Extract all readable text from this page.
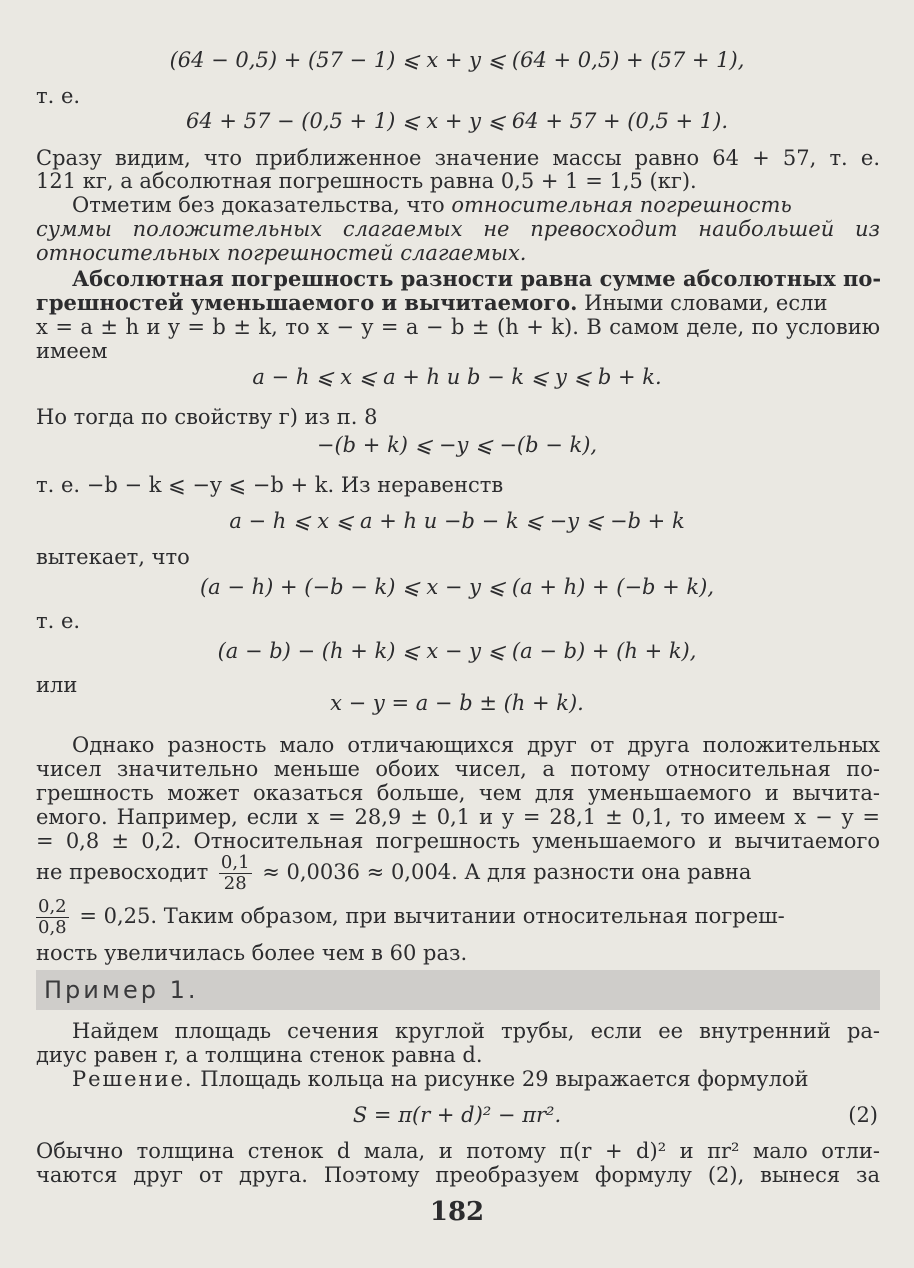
(64 − 0,5) + (57 − 1) ⩽ x + y ⩽ (64 + 0,5) + (57 + 1),
т. е.
64 + 57 − (0,5 + 1) ⩽ x + y ⩽ 64 + 57 + (0,5 + 1).
Сразу видим, что приближенное значение массы равно 64 + 57, т. е.
121 кг, а абсолютная погрешность равна 0,5 + 1 = 1,5 (кг).
Отметим без доказательства, что относительная погрешность
суммы положительных слагаемых не превосходит наибольшей из
относительных погрешностей слагаемых.
Абсолютная погрешность разности равна сумме абсолютных по-
грешностей уменьшаемого и вычитаемого. Иными словами, если
x = a ± h и y = b ± k, то x − y = a − b ± (h + k). В самом деле, по условию
имеем
a − h ⩽ x ⩽ a + h и b − k ⩽ y ⩽ b + k.
Но тогда по свойству г) из п. 8
−(b + k) ⩽ −y ⩽ −(b − k),
т. е. −b − k ⩽ −y ⩽ −b + k. Из неравенств
a − h ⩽ x ⩽ a + h и −b − k ⩽ −y ⩽ −b + k
вытекает, что
(a − h) + (−b − k) ⩽ x − y ⩽ (a + h) + (−b + k),
т. е.
(a − b) − (h + k) ⩽ x − y ⩽ (a − b) + (h + k),
или
x − y = a − b ± (h + k).
Однако разность мало отличающихся друг от друга положительных
чисел значительно меньше обоих чисел, а потому относительная по-
грешность может оказаться больше, чем для уменьшаемого и вычита-
емого. Например, если x = 28,9 ± 0,1 и y = 28,1 ± 0,1, то имеем x − y =
= 0,8 ± 0,2. Относительная погрешность уменьшаемого и вычитаемого
не превосходит $\frac{0,1}{28} \approx 0,0036 \approx 0,004$. А для разности она равна
$\frac{0,2}{0,8} = 0,25$. Таким образом, при вычитании относительная погреш-
ность увеличилась более чем в 60 раз.
Пример 1.
Найдем площадь сечения круглой трубы, если ее внутренний ра-
диус равен r, а толщина стенок равна d.
Решение. Площадь кольца на рисунке 29 выражается формулой
S = π(r + d)² − πr².	(2)
Обычно толщина стенок d мала, и потому π(r + d)² и πr² мало отли-
чаются друг от друга. Поэтому преобразуем формулу (2), вынеся за
182
